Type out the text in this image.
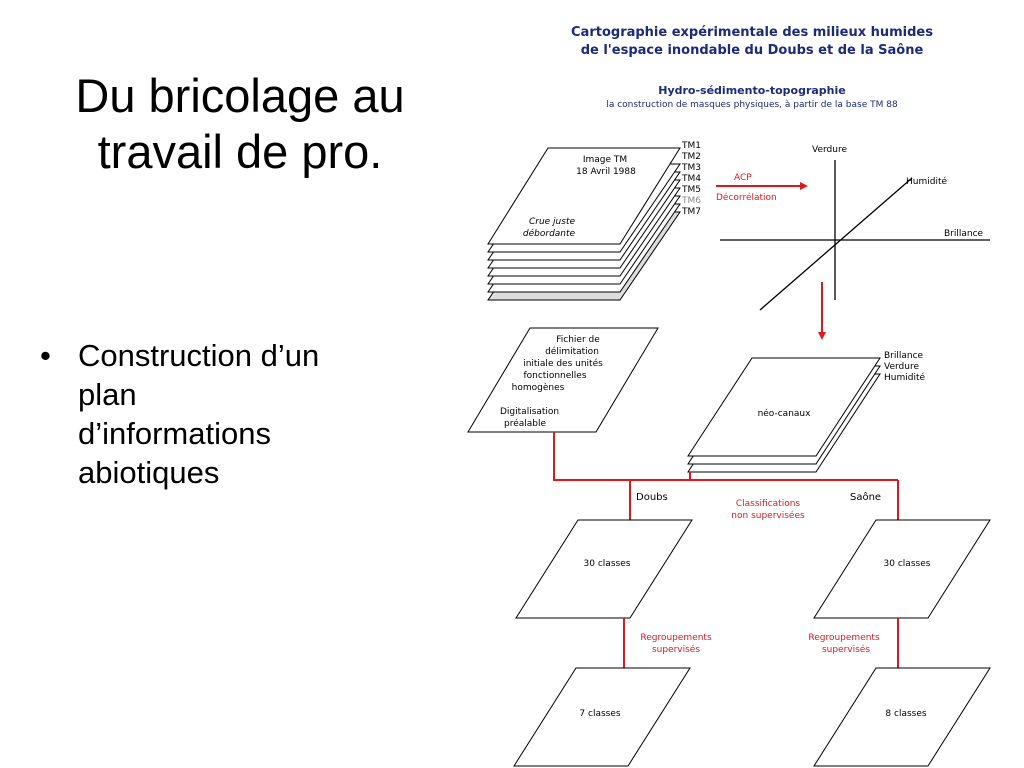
Du bricolage au
travail de pro.
• Construction d’un
plan
d’informations
abiotiques
Cartographie expérimentale des milieux humides
de l'espace inondable du Doubs et de la Saône
Hydro-sédimento-topographie
la construction de masques physiques, à partir de la base TM 88
Image TM
18 Avril 1988
Crue juste
débordante
TM1
TM2
TM3
TM4
TM5
TM6
TM7
ACP
Décorrélation
Verdure
Humidité
Brillance
Fichier de
délimitation
initiale des unités
fonctionnelles
homogènes
Digitalisation
préalable
néo-canaux
Brillance
Verdure
Humidité
Doubs	Saône
Classifications
non supervisées
30 classes	30 classes
Regroupements
supervisés
Regroupements
supervisés
7 classes	8 classes
